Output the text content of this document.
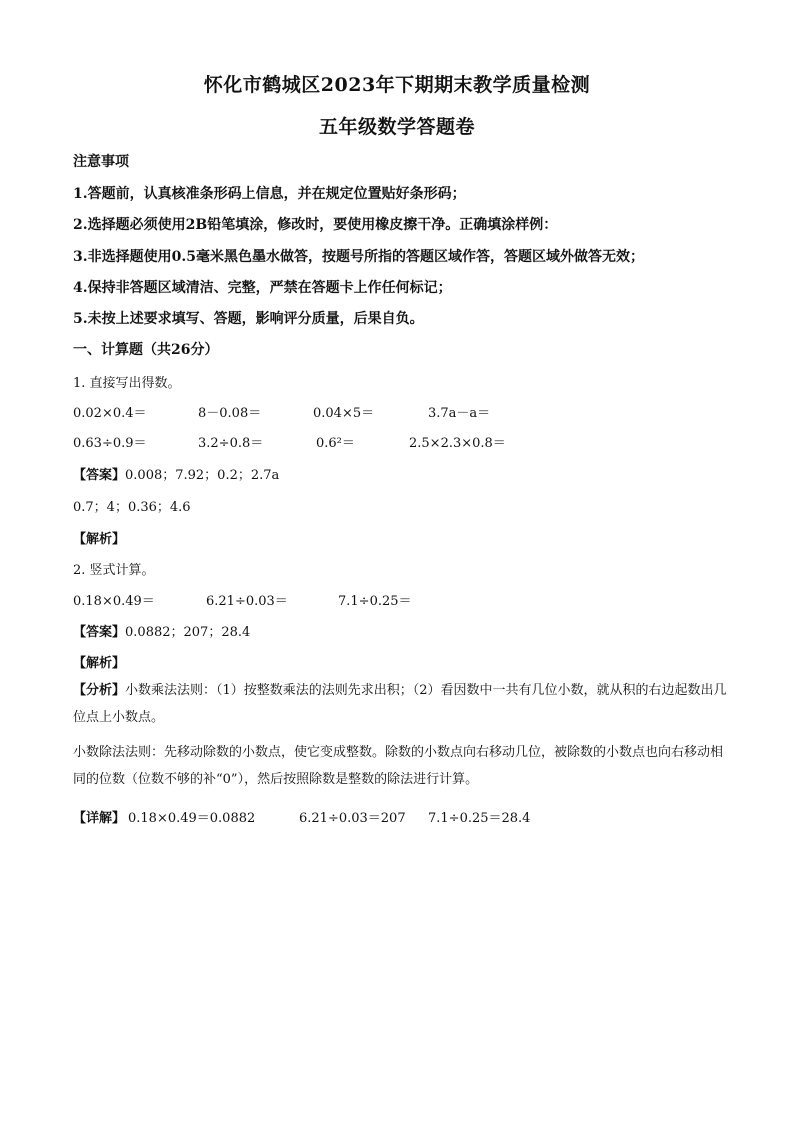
怀化市鹤城区2023年下期期末教学质量检测
五年级数学答题卷
注意事项
1.答题前，认真核准条形码上信息，并在规定位置贴好条形码；
2.选择题必须使用2B铅笔填涂，修改时，要使用橡皮擦干净。正确填涂样例：
3.非选择题使用0.5毫米黑色墨水做答，按题号所指的答题区域作答，答题区域外做答无效；
4.保持非答题区域清洁、完整，严禁在答题卡上作任何标记；
5.未按上述要求填写、答题，影响评分质量，后果自负。
一、计算题（共26分）
1. 直接写出得数。
0.02×0.4＝	8－0.08＝	0.04×5＝	3.7a－a＝
0.63÷0.9＝	3.2÷0.8＝	0.6²＝	2.5×2.3×0.8＝
【答案】0.008；7.92；0.2；2.7a
0.7；4；0.36；4.6
【解析】
2. 竖式计算。
0.18×0.49＝	6.21÷0.03＝	7.1÷0.25＝
【答案】0.0882；207；28.4
【解析】
【分析】小数乘法法则：（1）按整数乘法的法则先求出积；（2）看因数中一共有几位小数，就从积的右边起数出几位点上小数点。
小数除法法则：先移动除数的小数点，使它变成整数。除数的小数点向右移动几位，被除数的小数点也向右移动相同的位数（位数不够的补“0”），然后按照除数是整数的除法进行计算。
【详解】 0.18×0.49＝0.0882	6.21÷0.03＝207 7.1÷0.25＝28.4
